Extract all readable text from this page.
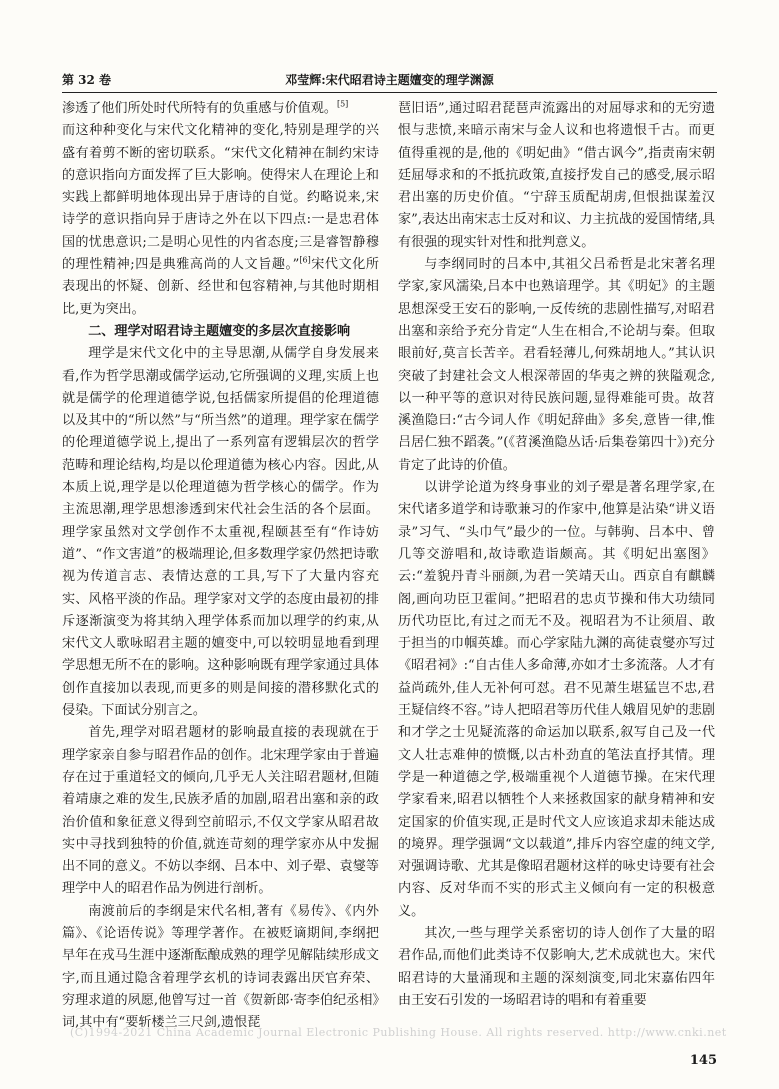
第 32 卷	邓莹辉:宋代昭君诗主题嬗变的理学渊源

渗透了他们所处时代所特有的负重感与价值观。[5]

而这种种变化与宋代文化精神的变化,特别是理学的兴盛有着剪不断的密切联系。“宋代文化精神在制约宋诗的意识指向方面发挥了巨大影响。使得宋人在理论上和实践上都鲜明地体现出异于唐诗的自觉。约略说来,宋诗学的意识指向异于唐诗之外在以下四点:一是忠君体国的忧患意识;二是明心见性的内省态度;三是睿智静穆的理性精神;四是典雅高尚的人文旨趣。”[6]宋代文化所表现出的怀疑、创新、经世和包容精神,与其他时期相比,更为突出。

二、理学对昭君诗主题嬗变的多层次直接影响

理学是宋代文化中的主导思潮,从儒学自身发展来看,作为哲学思潮或儒学运动,它所强调的义理,实质上也就是儒学的伦理道德学说,包括儒家所提倡的伦理道德以及其中的“所以然”与“所当然”的道理。理学家在儒学的伦理道德学说上,提出了一系列富有逻辑层次的哲学范畴和理论结构,均是以伦理道德为核心内容。因此,从本质上说,理学是以伦理道德为哲学核心的儒学。作为主流思潮,理学思想渗透到宋代社会生活的各个层面。理学家虽然对文学创作不太重视,程颐甚至有“作诗妨道”、“作文害道”的极端理论,但多数理学家仍然把诗歌视为传道言志、表情达意的工具,写下了大量内容充实、风格平淡的作品。理学家对文学的态度由最初的排斥逐渐演变为将其纳入理学体系而加以理学的约束,从宋代文人歌咏昭君主题的嬗变中,可以较明显地看到理学思想无所不在的影响。这种影响既有理学家通过具体创作直接加以表现,而更多的则是间接的潜移默化式的侵染。下面试分别言之。

首先,理学对昭君题材的影响最直接的表现就在于理学家亲自参与昭君作品的创作。北宋理学家由于普遍存在过于重道轻文的倾向,几乎无人关注昭君题材,但随着靖康之难的发生,民族矛盾的加剧,昭君出塞和亲的政治价值和象征意义得到空前昭示,不仅文学家从昭君故实中寻找到独特的价值,就连苛刻的理学家亦从中发掘出不同的意义。不妨以李纲、吕本中、刘子翚、袁燮等理学中人的昭君作品为例进行剖析。

南渡前后的李纲是宋代名相,著有《易传》、《内外篇》、《论语传说》等理学著作。在被贬谪期间,李纲把早年在戎马生涯中逐渐酝酿成熟的理学见解陆续形成文字,而且通过隐含着理学玄机的诗词表露出厌官弃荣、穷理求道的夙愿,他曾写过一首《贺新郎·寄李伯纪丞相》词,其中有“要斩楼兰三尺剑,遗恨琵

琶旧语”,通过昭君琵琶声流露出的对屈辱求和的无穷遗恨与悲愤,来暗示南宋与金人议和也将遗恨千古。而更值得重视的是,他的《明妃曲》“借古讽今”,指责南宋朝廷屈辱求和的不抵抗政策,直接抒发自己的感受,展示昭君出塞的历史价值。“宁辞玉质配胡虏,但恨拙谋羞汉家”,表达出南宋志士反对和议、力主抗战的爱国情绪,具有很强的现实针对性和批判意义。

与李纲同时的吕本中,其祖父吕希哲是北宋著名理学家,家风濡染,吕本中也熟谙理学。其《明妃》的主题思想深受王安石的影响,一反传统的悲剧性描写,对昭君出塞和亲给予充分肯定“人生在相合,不论胡与秦。但取眼前好,莫言长苦辛。君看轻薄儿,何殊胡地人。”其认识突破了封建社会文人根深蒂固的华夷之辨的狭隘观念,以一种平等的意识对待民族问题,显得难能可贵。故苕溪渔隐曰:“古今词人作《明妃辞曲》多矣,意皆一律,惟吕居仁独不蹈袭。”(《苕溪渔隐丛话·后集卷第四十》)充分肯定了此诗的价值。

以讲学论道为终身事业的刘子翚是著名理学家,在宋代诸多道学和诗歌兼习的作家中,他算是沾染“讲义语录”习气、“头巾气”最少的一位。与韩驹、吕本中、曾几等交游唱和,故诗歌造诣颇高。其《明妃出塞图》云:“羞貌丹青斗丽颜,为君一笑靖天山。西京自有麒麟阁,画向功臣卫霍间。”把昭君的忠贞节操和伟大功绩同历代功臣比,有过之而无不及。视昭君为不让须眉、敢于担当的巾帼英雄。而心学家陆九渊的高徒袁燮亦写过《昭君祠》:“自古佳人多命薄,亦如才士多流落。人才有益尚疏外,佳人无补何可怼。君不见萧生堪猛岂不忠,君王疑信终不容。”诗人把昭君等历代佳人娥眉见妒的悲剧和才学之士见疑流落的命运加以联系,叙写自己及一代文人壮志难伸的愤慨,以古朴劲直的笔法直抒其情。理学是一种道德之学,极端重视个人道德节操。在宋代理学家看来,昭君以牺牲个人来拯救国家的献身精神和安定国家的价值实现,正是时代文人应该追求却未能达成的境界。理学强调“文以载道”,排斥内容空虚的纯文学,对强调诗歌、尤其是像昭君题材这样的咏史诗要有社会内容、反对华而不实的形式主义倾向有一定的积极意义。

其次,一些与理学关系密切的诗人创作了大量的昭君作品,而他们此类诗不仅影响大,艺术成就也大。宋代昭君诗的大量涌现和主题的深刻演变,同北宋嘉佑四年由王安石引发的一场昭君诗的唱和有着重要

(C)1994-2021 China Academic Journal Electronic Publishing House. All rights reserved. http://www.cnki.net
145
